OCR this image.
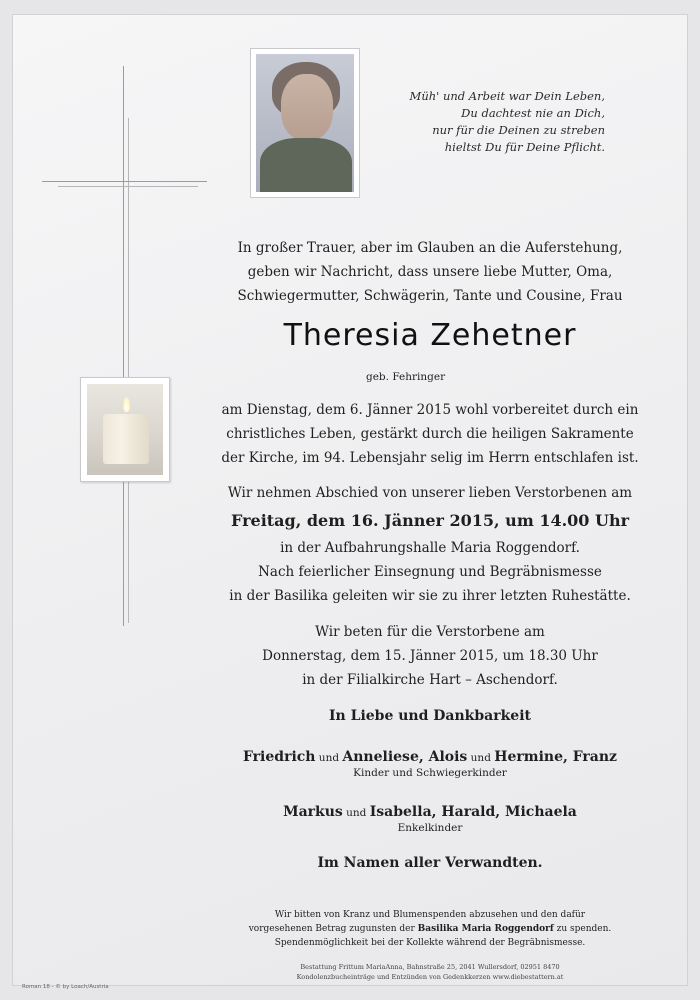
Müh' und Arbeit war Dein Leben,
Du dachtest nie an Dich,
nur für die Deinen zu streben
hieltst Du für Deine Pflicht.
In großer Trauer, aber im Glauben an die Auferstehung,
geben wir Nachricht, dass unsere liebe Mutter, Oma,
Schwiegermutter, Schwägerin, Tante und Cousine, Frau
Theresia Zehetner
geb. Fehringer
am Dienstag, dem 6. Jänner 2015 wohl vorbereitet durch ein
christliches Leben, gestärkt durch die heiligen Sakramente
der Kirche, im 94. Lebensjahr selig im Herrn entschlafen ist.
Wir nehmen Abschied von unserer lieben Verstorbenen am
Freitag, dem 16. Jänner 2015, um 14.00 Uhr
in der Aufbahrungshalle Maria Roggendorf.
Nach feierlicher Einsegnung und Begräbnismesse
in der Basilika geleiten wir sie zu ihrer letzten Ruhestätte.
Wir beten für die Verstorbene am
Donnerstag, dem 15. Jänner 2015, um 18.30 Uhr
in der Filialkirche Hart – Aschendorf.
In Liebe und Dankbarkeit
Friedrich und Anneliese, Alois und Hermine, Franz
Kinder und Schwiegerkinder
Markus und Isabella, Harald, Michaela
Enkelkinder
Im Namen aller Verwandten.
Wir bitten von Kranz und Blumenspenden abzusehen und den dafür
vorgesehenen Betrag zugunsten der Basilika Maria Roggendorf zu spenden.
Spendenmöglichkeit bei der Kollekte während der Begräbnismesse.
Bestattung Frittum MariaAnna, Bahnstraße 25, 2041 Wullersdorf, 02951 8470
Kondolenzbucheinträge und Entzünden von Gedenkkerzen www.diebestattern.at
Roman 18 - © by Loach/Austria
